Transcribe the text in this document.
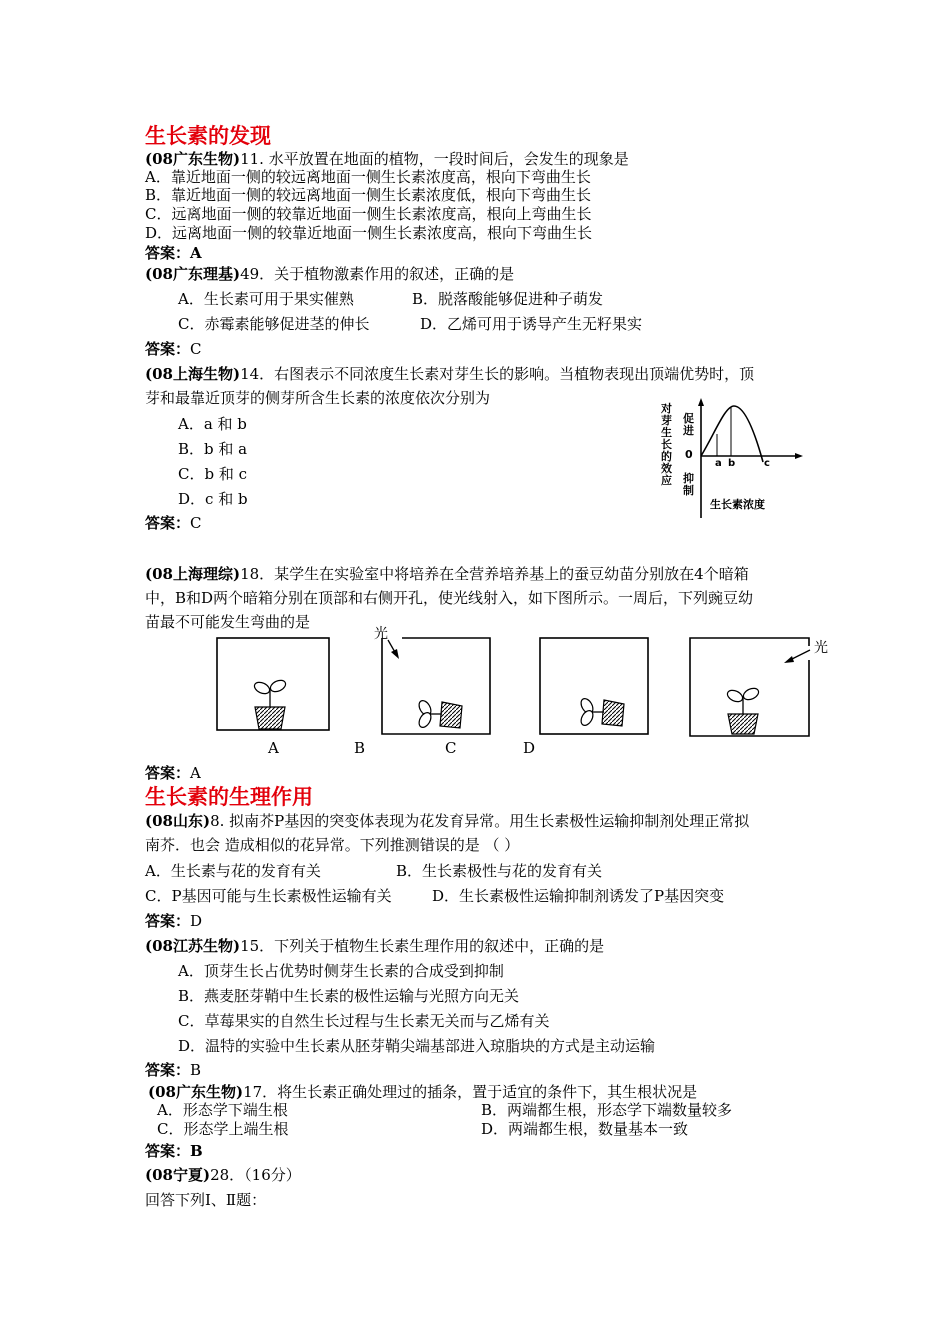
生长素的发现
(08广东生物)11. 水平放置在地面的植物，一段时间后，会发生的现象是
A．靠近地面一侧的较远离地面一侧生长素浓度高，根向下弯曲生长
B．靠近地面一侧的较远离地面一侧生长素浓度低，根向下弯曲生长
C．远离地面一侧的较靠近地面一侧生长素浓度高，根向上弯曲生长
D．远离地面一侧的较靠近地面一侧生长素浓度高，根向下弯曲生长
答案：A
(08广东理基)49．关于植物激素作用的叙述，正确的是
A．生长素可用于果实催熟	B．脱落酸能够促进种子萌发
C．赤霉素能够促进茎的伸长	D．乙烯可用于诱导产生无籽果实
答案：C
(08上海生物)14．右图表示不同浓度生长素对芽生长的影响。当植物表现出顶端优势时，顶
芽和最靠近顶芽的侧芽所含生长素的浓度依次分别为
A．a 和 b
B．b 和 a
C．b 和 c
D．c 和 b
答案：C
对
芽
生
长
的
效
应
促
进
0
抑
制
a b	c
生长素浓度
(08上海理综)18．某学生在实验室中将培养在全营养培养基上的蚕豆幼苗分别放在4个暗箱
中，B和D两个暗箱分别在顶部和右侧开孔，使光线射入，如下图所示。一周后，下列豌豆幼
苗最不可能发生弯曲的是
光
光
A	B	C	D
答案：A
生长素的生理作用
(08山东)8. 拟南芥P基因的突变体表现为花发育异常。用生长素极性运输抑制剂处理正常拟
南芥．也会 造成相似的花异常。下列推测错误的是 （ ）
A．生长素与花的发育有关	B．生长素极性与花的发育有关
C．P基因可能与生长素极性运输有关	D．生长素极性运输抑制剂诱发了P基因突变
答案：D
(08江苏生物)15．下列关于植物生长素生理作用的叙述中，正确的是
A．顶芽生长占优势时侧芽生长素的合成受到抑制
B．燕麦胚芽鞘中生长素的极性运输与光照方向无关
C．草莓果实的自然生长过程与生长素无关而与乙烯有关
D．温特的实验中生长素从胚芽鞘尖端基部进入琼脂块的方式是主动运输
答案：B
(08广东生物)17．将生长素正确处理过的插条，置于适宜的条件下，其生根状况是
A．形态学下端生根	B．两端都生根，形态学下端数量较多
C．形态学上端生根	D．两端都生根，数量基本一致
答案：B
(08宁夏)28．（16分）
回答下列Ⅰ、Ⅱ题：
